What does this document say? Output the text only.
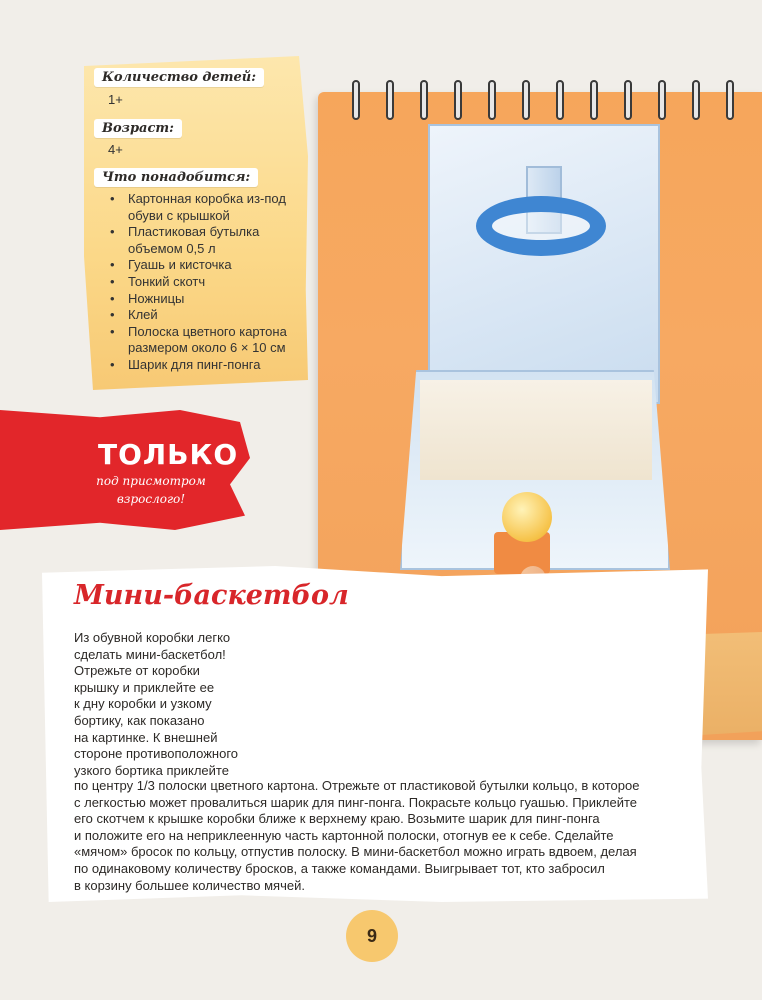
Количество детей:
1+
Возраст:
4+
Что понадобится:
• Картонная коробка из-под обуви с крышкой
• Пластиковая бутылка объемом 0,5 л
• Гуашь и кисточка
• Тонкий скотч
• Ножницы
• Клей
• Полоска цветного картона размером около 6 × 10 см
• Шарик для пинг-понга
ТОЛЬКО
под присмотром
взрослого!
Мини-баскетбол
Из обувной коробки легко
сделать мини-баскетбол!
Отрежьте от коробки
крышку и приклейте ее
к дну коробки и узкому
бортику, как показано
на картинке. К внешней
стороне противоположного
узкого бортика приклейте
по центру 1/3 полоски цветного картона. Отрежьте от пластиковой бутылки кольцо, в которое
с легкостью может провалиться шарик для пинг-понга. Покрасьте кольцо гуашью. Приклейте
его скотчем к крышке коробки ближе к верхнему краю. Возьмите шарик для пинг-понга
и положите его на неприклеенную часть картонной полоски, отогнув ее к себе. Сделайте
«мячом» бросок по кольцу, отпустив полоску. В мини-баскетбол можно играть вдвоем, делая
по одинаковому количеству бросков, а также командами. Выигрывает тот, кто забросил
в корзину большее количество мячей.
9
